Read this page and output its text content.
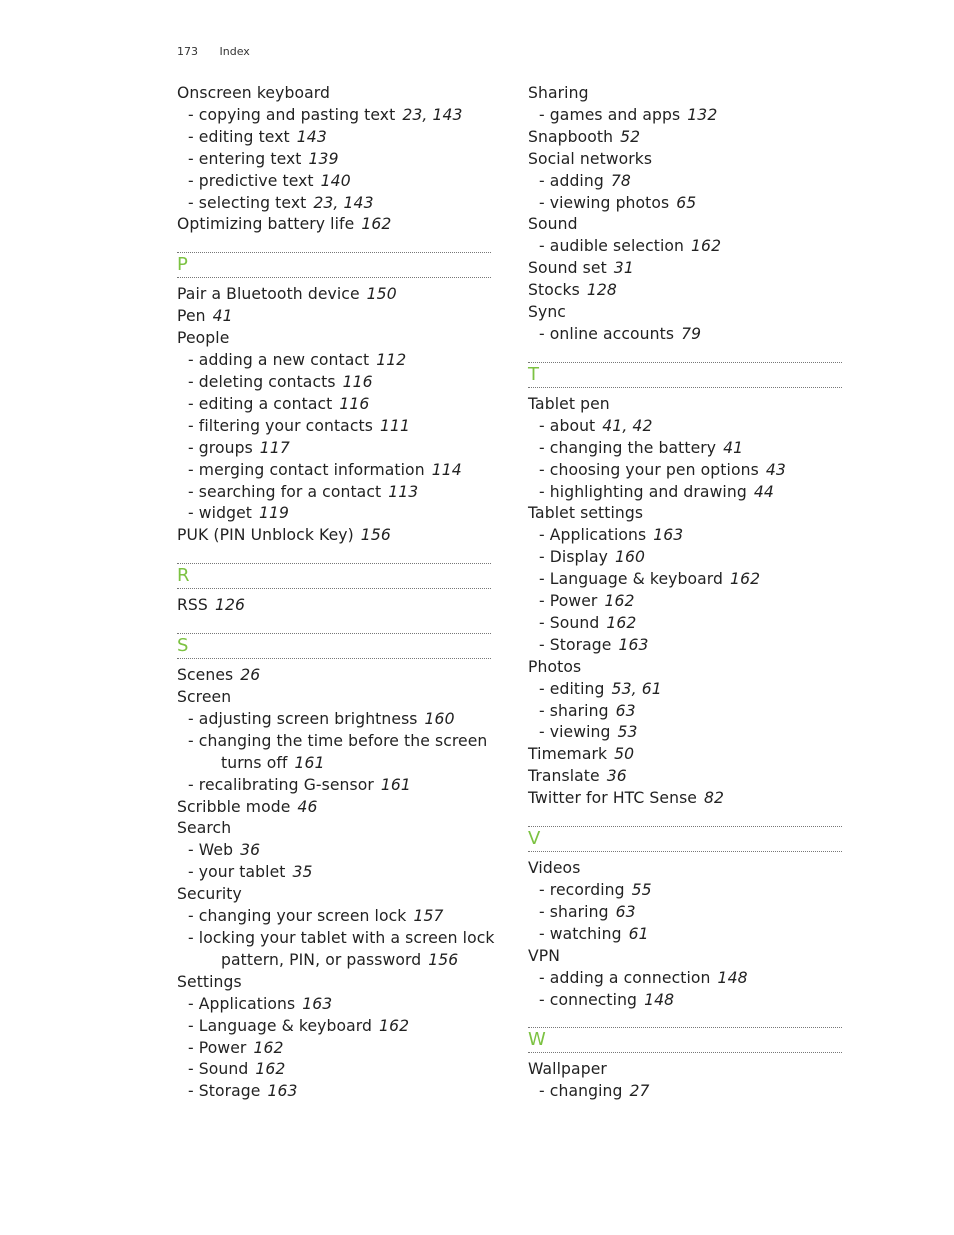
173 Index
Onscreen keyboard
- copying and pasting text 23, 143
- editing text 143
- entering text 139
- predictive text 140
- selecting text 23, 143
Optimizing battery life 162
P
Pair a Bluetooth device 150
Pen 41
People
- adding a new contact 112
- deleting contacts 116
- editing a contact 116
- filtering your contacts 111
- groups 117
- merging contact information 114
- searching for a contact 113
- widget 119
PUK (PIN Unblock Key) 156
R
RSS 126
S
Scenes 26
Screen
- adjusting screen brightness 160
- changing the time before the screen
turns off 161
- recalibrating G-sensor 161
Scribble mode 46
Search
- Web 36
- your tablet 35
Security
- changing your screen lock 157
- locking your tablet with a screen lock
pattern, PIN, or password 156
Settings
- Applications 163
- Language & keyboard 162
- Power 162
- Sound 162
- Storage 163
Sharing
- games and apps 132
Snapbooth 52
Social networks
- adding 78
- viewing photos 65
Sound
- audible selection 162
Sound set 31
Stocks 128
Sync
- online accounts 79
T
Tablet pen
- about 41, 42
- changing the battery 41
- choosing your pen options 43
- highlighting and drawing 44
Tablet settings
- Applications 163
- Display 160
- Language & keyboard 162
- Power 162
- Sound 162
- Storage 163
Photos
- editing 53, 61
- sharing 63
- viewing 53
Timemark 50
Translate 36
Twitter for HTC Sense 82
V
Videos
- recording 55
- sharing 63
- watching 61
VPN
- adding a connection 148
- connecting 148
W
Wallpaper
- changing 27
